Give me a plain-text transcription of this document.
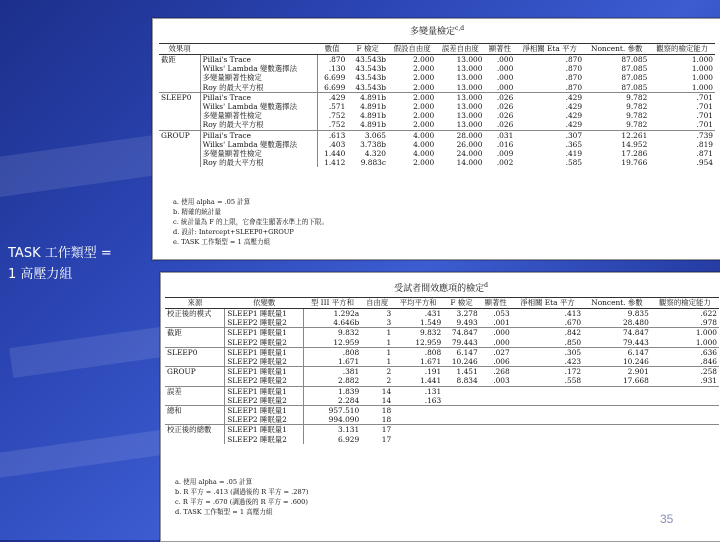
TASK 工作類型 =
1 高壓力組
多變量檢定$^{c,d}$
效果項		數值	F 檢定	假設自由度	誤差自由度	顯著性	淨相關 Eta 平方	Noncent. 參數	觀察的檢定能力
截距	Pillai's Trace	.870	43.543b	2.000	13.000	.000	.870	87.085	1.000
	Wilks' Lambda 變數選擇法	.130	43.543b	2.000	13.000	.000	.870	87.085	1.000
	多變量顯著性檢定	6.699	43.543b	2.000	13.000	.000	.870	87.085	1.000
	Roy 的最大平方根	6.699	43.543b	2.000	13.000	.000	.870	87.085	1.000
SLEEP0	Pillai's Trace	.429	4.891b	2.000	13.000	.026	.429	9.782	.701
	Wilks' Lambda 變數選擇法	.571	4.891b	2.000	13.000	.026	.429	9.782	.701
	多變量顯著性檢定	.752	4.891b	2.000	13.000	.026	.429	9.782	.701
	Roy 的最大平方根	.752	4.891b	2.000	13.000	.026	.429	9.782	.701
GROUP	Pillai's Trace	.613	3.065	4.000	28.000	.031	.307	12.261	.739
	Wilks' Lambda 變數選擇法	.403	3.738b	4.000	26.000	.016	.365	14.952	.819
	多變量顯著性檢定	1.440	4.320	4.000	24.000	.009	.419	17.286	.871
	Roy 的最大平方根	1.412	9.883c	2.000	14.000	.002	.585	19.766	.954
a. 使用 alpha = .05 計算
b. 精確的統計量
c. 統計量為 F 的上限，它會產生顯著水準上的下限。
d. 設計: Intercept+SLEEP0+GROUP
e. TASK 工作類型 = 1 高壓力組
受試者間效應項的檢定$^d$
來源	依變數	型 III 平方和	自由度	平均平方和	F 檢定	顯著性	淨相關 Eta 平方	Noncent. 參數	觀察的檢定能力
校正後的模式	SLEEP1 睡眠量1	1.292a	3	.431	3.278	.053	.413	9.835	.622
	SLEEP2 睡眠量2	4.646b	3	1.549	9.493	.001	.670	28.480	.978
截距	SLEEP1 睡眠量1	9.832	1	9.832	74.847	.000	.842	74.847	1.000
	SLEEP2 睡眠量2	12.959	1	12.959	79.443	.000	.850	79.443	1.000
SLEEP0	SLEEP1 睡眠量1	.808	1	.808	6.147	.027	.305	6.147	.636
	SLEEP2 睡眠量2	1.671	1	1.671	10.246	.006	.423	10.246	.846
GROUP	SLEEP1 睡眠量1	.381	2	.191	1.451	.268	.172	2.901	.258
	SLEEP2 睡眠量2	2.882	2	1.441	8.834	.003	.558	17.668	.931
誤差	SLEEP1 睡眠量1	1.839	14	.131					
	SLEEP2 睡眠量2	2.284	14	.163					
總和	SLEEP1 睡眠量1	957.510	18						
	SLEEP2 睡眠量2	994.090	18						
校正後的總數	SLEEP1 睡眠量1	3.131	17						
	SLEEP2 睡眠量2	6.929	17						
a. 使用 alpha = .05 計算
b. R 平方 = .413 (調過後的 R 平方 = .287)
c. R 平方 = .670 (調過後的 R 平方 = .600)
d. TASK 工作類型 = 1 高壓力組	35
